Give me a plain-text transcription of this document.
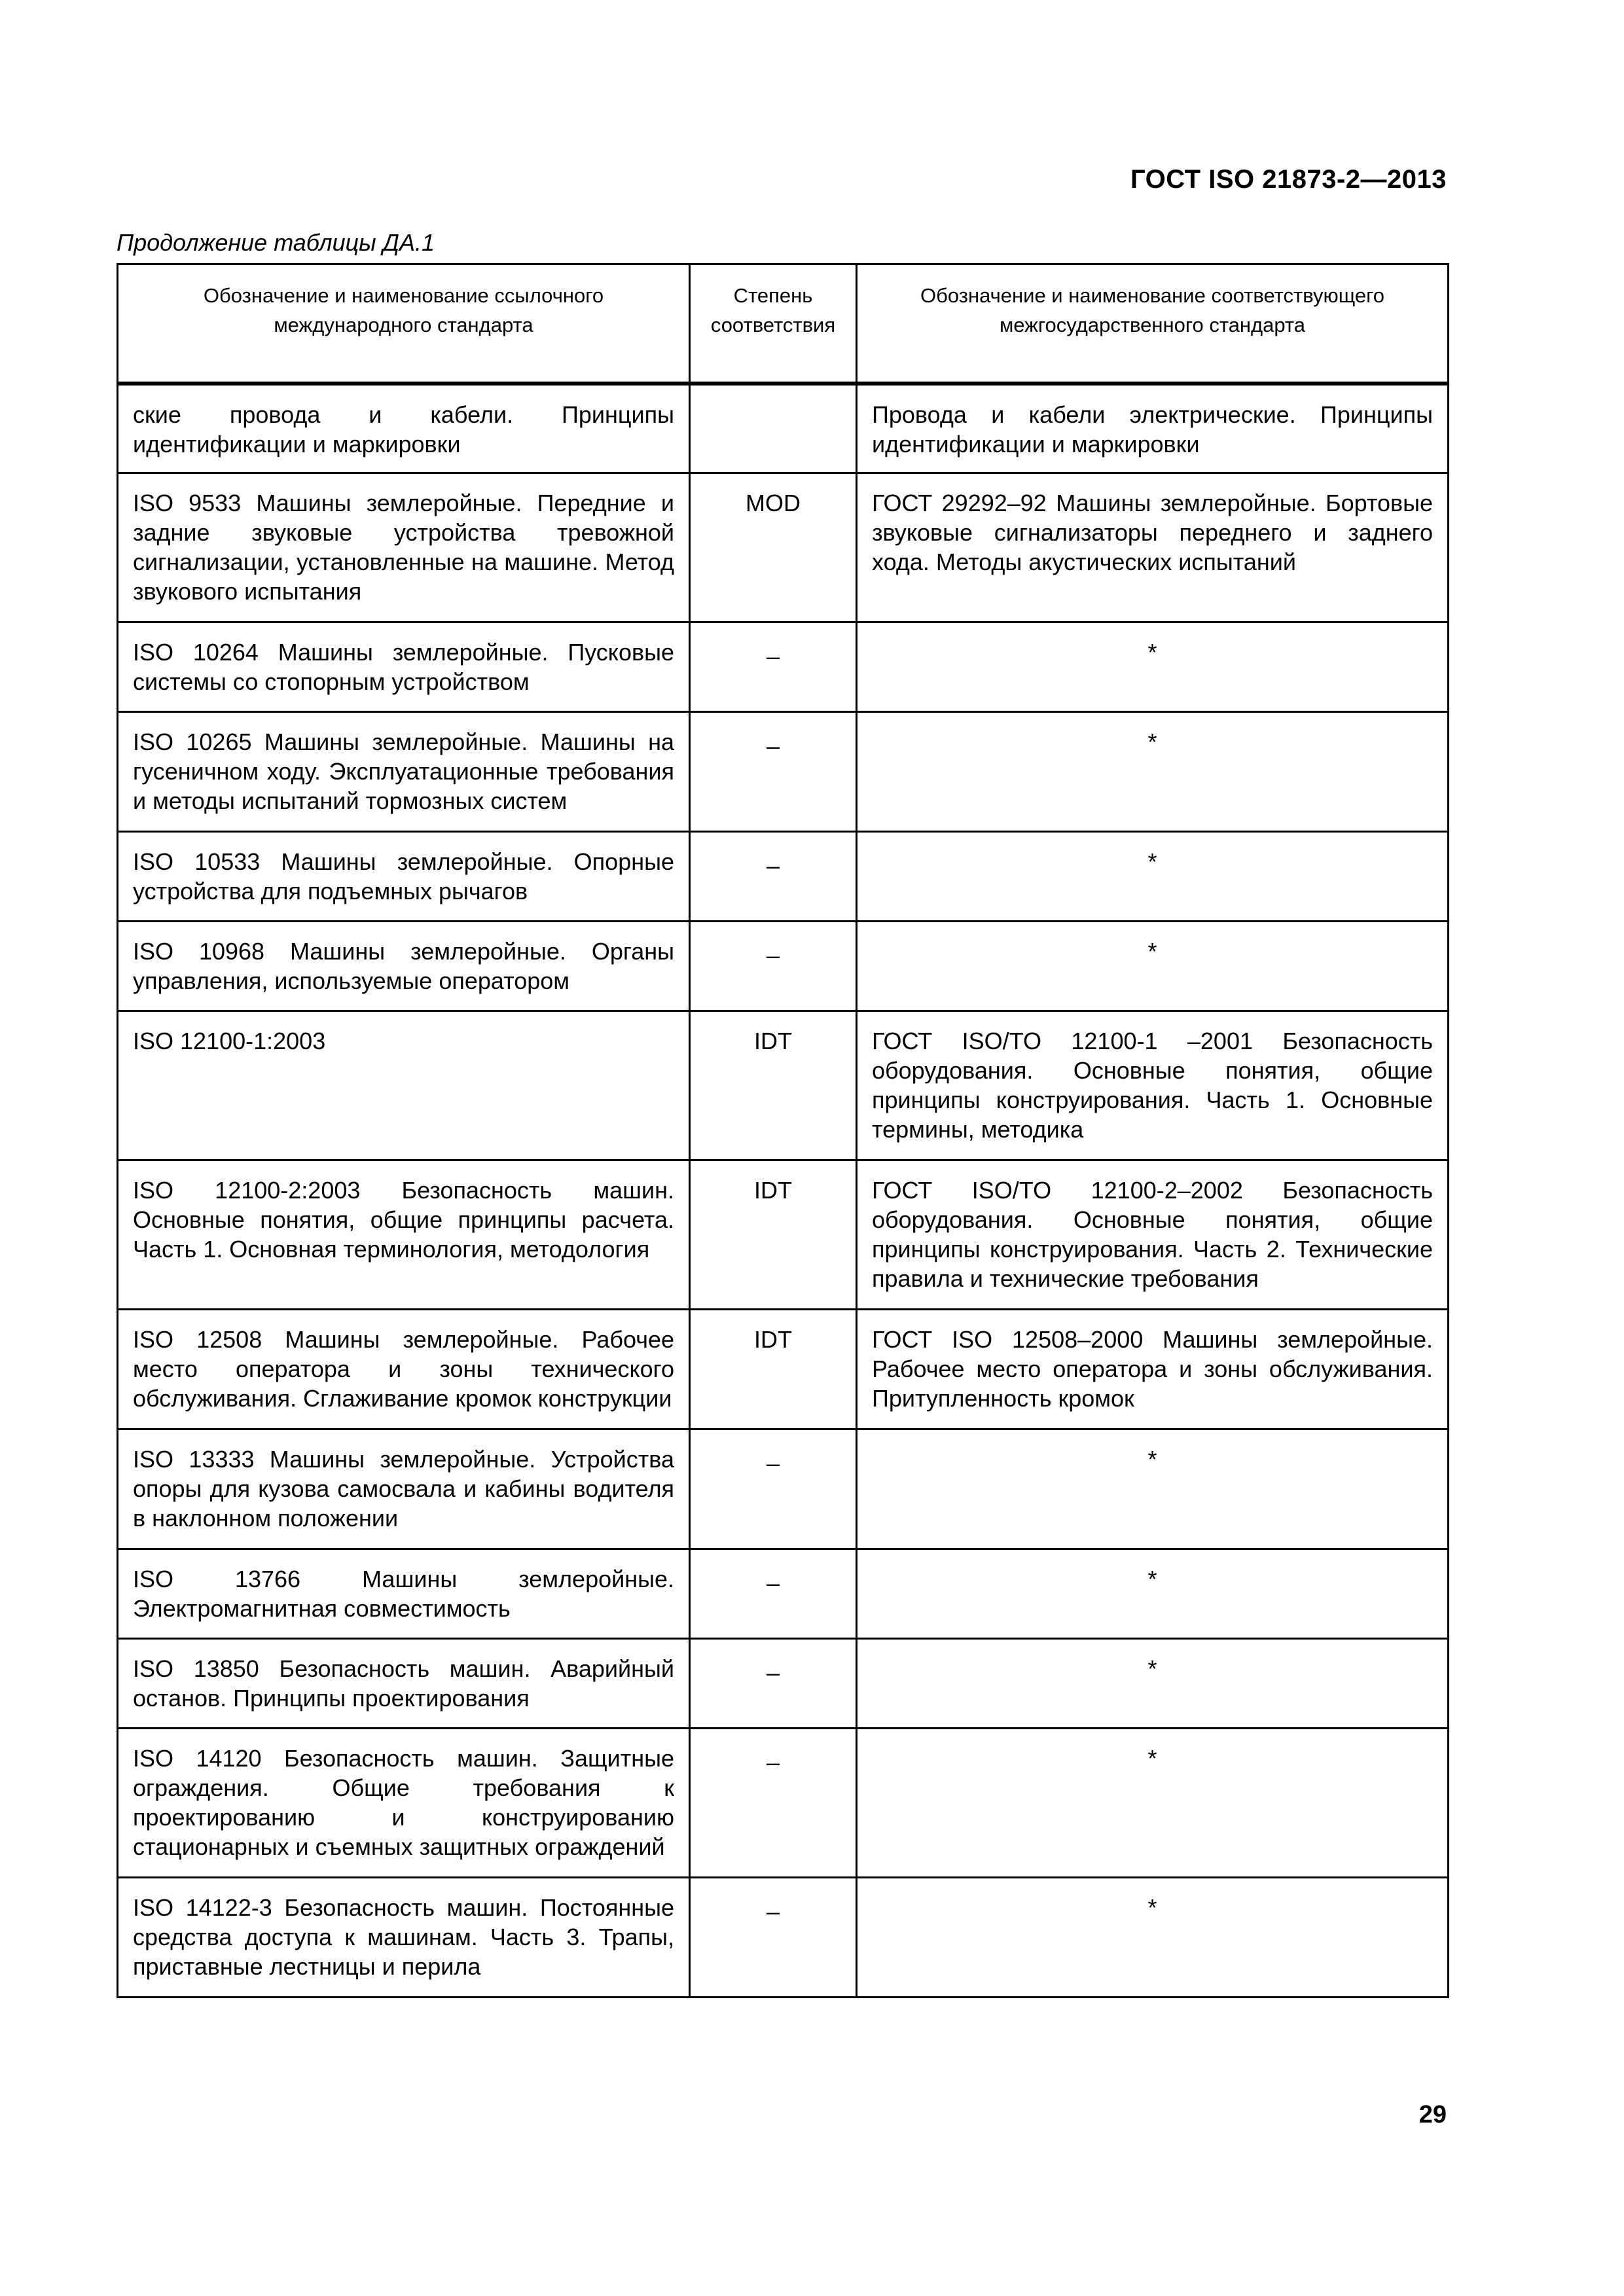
ГОСТ ISO 21873-2—2013
Продолжение таблицы ДА.1
Обозначение и наименование ссылочного международного стандарта	Степень соответствия	Обозначение и наименование соответствующего межгосударственного стандарта
ские провода и кабели. Принципы идентификации и маркировки		Провода и кабели электрические. Принципы идентификации и маркировки
ISO 9533 Машины землеройные. Передние и задние звуковые устройства тревожной сигнализации, установленные на машине. Метод звукового испытания	MOD	ГОСТ 29292–92 Машины землеройные. Бортовые звуковые сигнализаторы переднего и заднего хода. Методы акустических испытаний
ISO 10264 Машины землеройные. Пусковые системы со стопорным устройством	–	*
ISO 10265 Машины землеройные. Машины на гусеничном ходу. Эксплуатационные требования и методы испытаний тормозных систем	–	*
ISO 10533 Машины землеройные. Опорные устройства для подъемных рычагов	–	*
ISO 10968 Машины землеройные. Органы управления, используемые оператором	–	*
ISO 12100-1:2003	IDT	ГОСТ ISO/TO 12100-1 –2001 Безопасность оборудования. Основные понятия, общие принципы конструирования. Часть 1. Основные термины, методика
ISO 12100-2:2003 Безопасность машин. Основные понятия, общие принципы расчета. Часть 1. Основная терминология, методология	IDT	ГОСТ ISO/TO 12100-2–2002 Безопасность оборудования. Основные понятия, общие принципы конструирования. Часть 2. Технические правила и технические требования
ISO 12508 Машины землеройные. Рабочее место оператора и зоны технического обслуживания. Сглаживание кромок конструкции	IDT	ГОСТ ISO 12508–2000 Машины землеройные. Рабочее место оператора и зоны обслуживания. Притупленность кромок
ISO 13333 Машины землеройные. Устройства опоры для кузова самосвала и кабины водителя в наклонном положении	–	*
ISO 13766 Машины землеройные. Электромагнитная совместимость	–	*
ISO 13850 Безопасность машин. Аварийный останов. Принципы проектирования	–	*
ISO 14120 Безопасность машин. Защитные ограждения. Общие требования к проектированию и конструированию стационарных и съемных защитных ограждений	–	*
ISO 14122-3 Безопасность машин. Постоянные средства доступа к машинам. Часть 3. Трапы, приставные лестницы и перила	–	*
29
